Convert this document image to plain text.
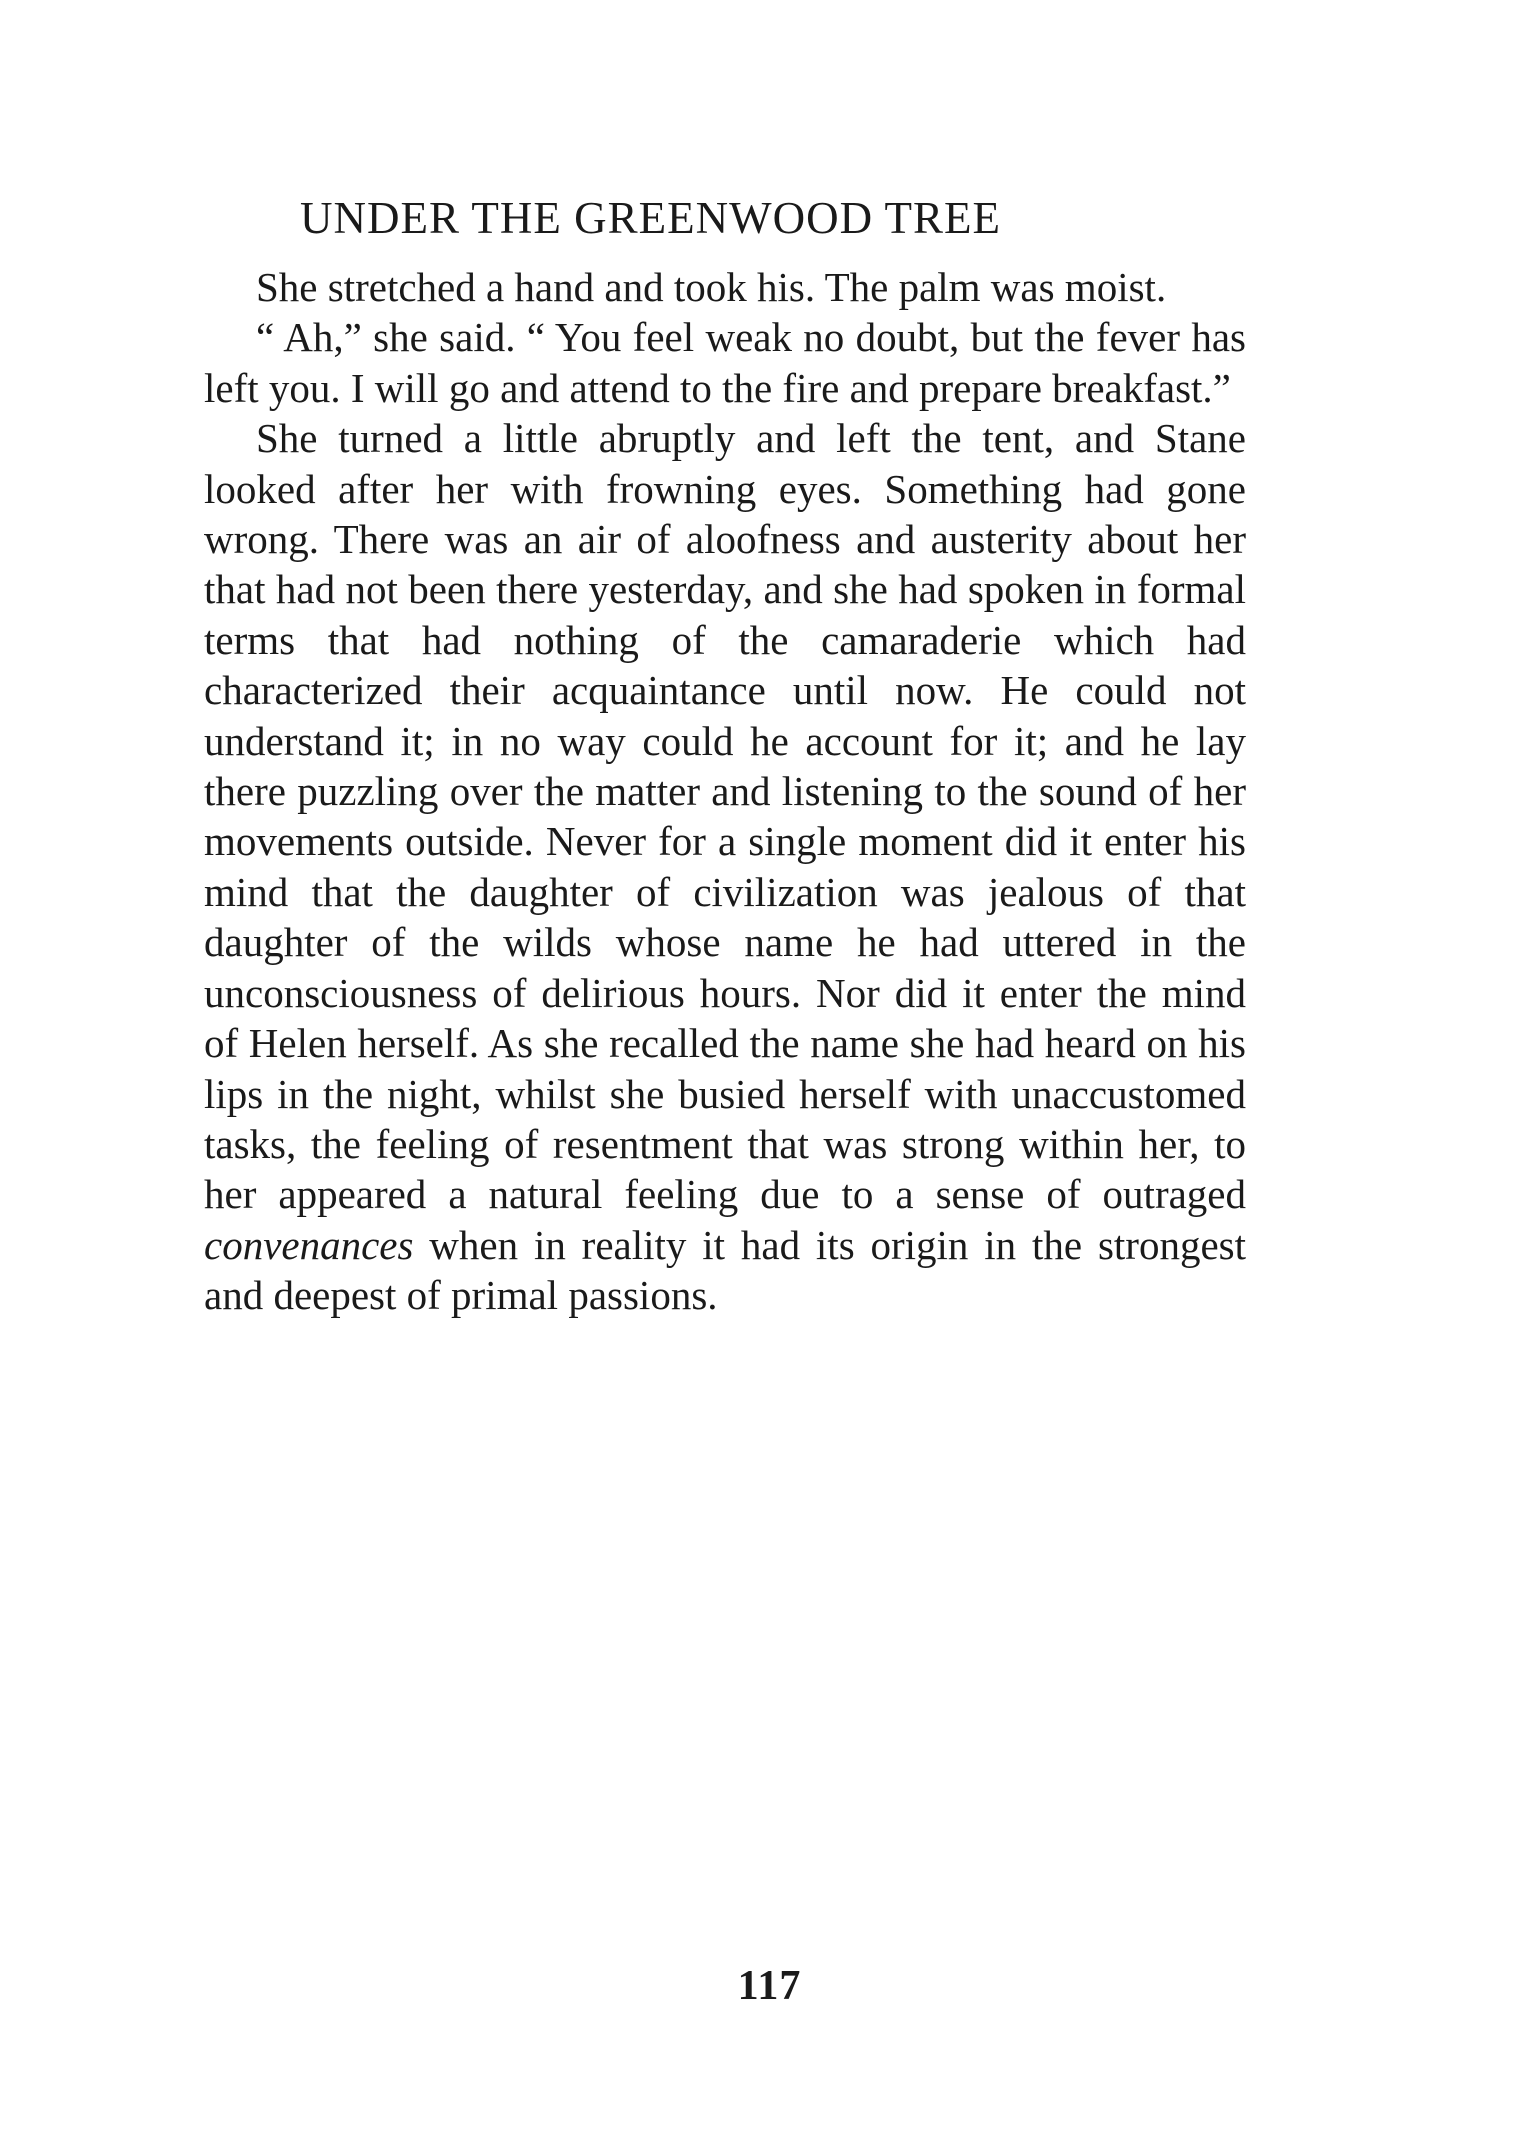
UNDER THE GREENWOOD TREE

She stretched a hand and took his. The palm was moist.

“ Ah,” she said. “ You feel weak no doubt, but the fever has left you. I will go and attend to the fire and prepare breakfast.”

She turned a little abruptly and left the tent, and Stane looked after her with frowning eyes. Something had gone wrong. There was an air of aloofness and austerity about her that had not been there yesterday, and she had spoken in formal terms that had nothing of the camaraderie which had characterized their acquaintance until now. He could not understand it; in no way could he account for it; and he lay there puzzling over the matter and listening to the sound of her movements outside. Never for a single moment did it enter his mind that the daughter of civilization was jealous of that daughter of the wilds whose name he had uttered in the unconsciousness of delirious hours. Nor did it enter the mind of Helen herself. As she recalled the name she had heard on his lips in the night, whilst she busied herself with unaccustomed tasks, the feeling of resentment that was strong within her, to her appeared a natural feeling due to a sense of outraged convenances when in reality it had its origin in the strongest and deepest of primal passions.

117
